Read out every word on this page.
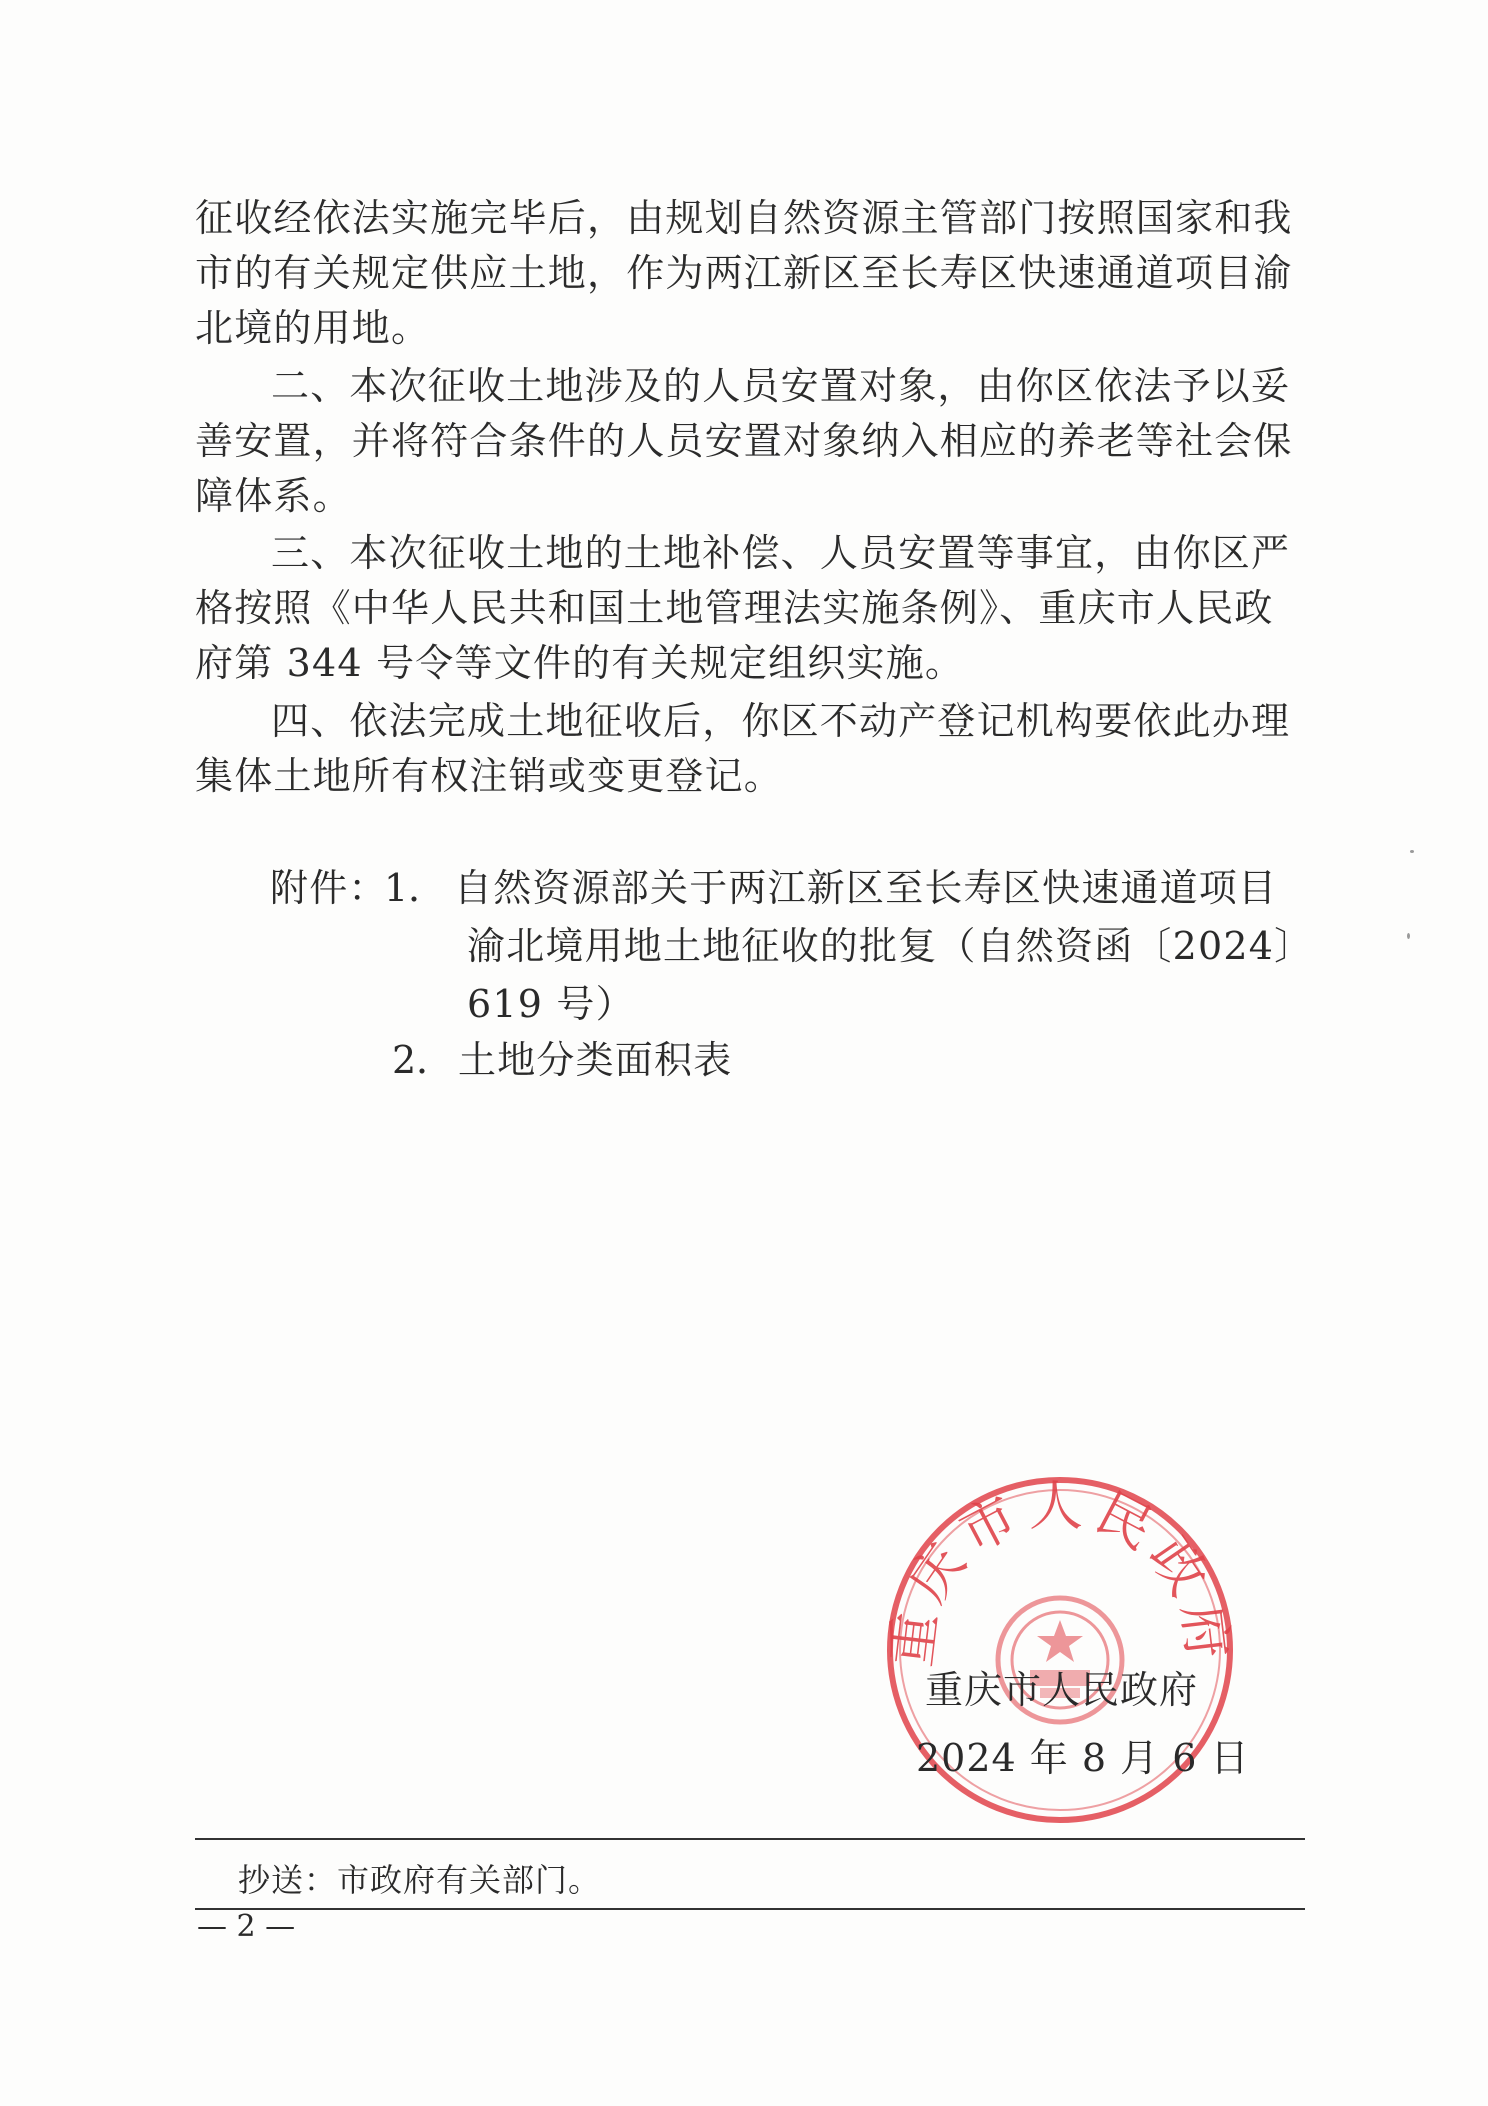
征收经依法实施完毕后，由规划自然资源主管部门按照国家和我
市的有关规定供应土地，作为两江新区至长寿区快速通道项目渝
北境的用地。
二、本次征收土地涉及的人员安置对象，由你区依法予以妥
善安置，并将符合条件的人员安置对象纳入相应的养老等社会保
障体系。
三、本次征收土地的土地补偿、人员安置等事宜，由你区严
格按照《中华人民共和国土地管理法实施条例》、重庆市人民政
府第 344 号令等文件的有关规定组织实施。
四、依法完成土地征收后，你区不动产登记机构要依此办理
集体土地所有权注销或变更登记。
附件：
1． 自然资源部关于两江新区至长寿区快速通道项目
渝北境用地土地征收的批复（自然资函〔2024〕
619 号）
2． 土地分类面积表
重庆市人民政府
重庆市人民政府
2024 年 8 月 6 日
抄送：市政府有关部门。
— 2 —
